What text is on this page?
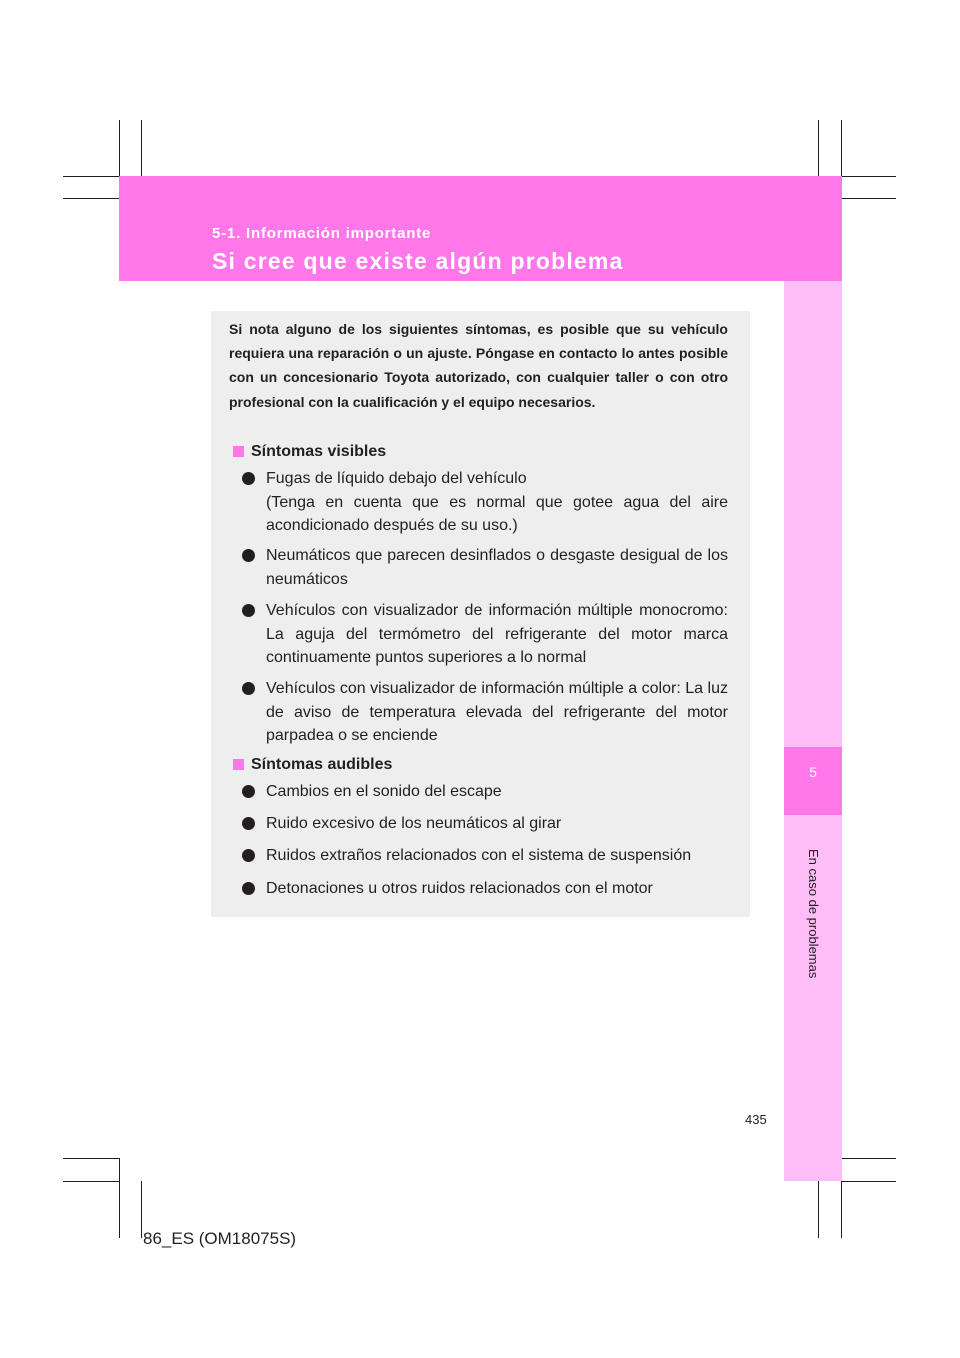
5-1. Información importante
Si cree que existe algún problema
5
En caso de problemas
Si nota alguno de los siguientes síntomas, es posible que su vehículo requiera una reparación o un ajuste. Póngase en contacto lo antes posible con un concesionario Toyota autorizado, con cualquier taller o con otro profesional con la cualificación y el equipo necesarios.
Síntomas visibles
Fugas de líquido debajo del vehículo
(Tenga en cuenta que es normal que gotee agua del aire acondicionado después de su uso.)
Neumáticos que parecen desinflados o desgaste desigual de los neumáticos
Vehículos con visualizador de información múltiple monocromo: La aguja del termómetro del refrigerante del motor marca continuamente puntos superiores a lo normal
Vehículos con visualizador de información múltiple a color: La luz de aviso de temperatura elevada del refrigerante del motor parpadea o se enciende
Síntomas audibles
Cambios en el sonido del escape
Ruido excesivo de los neumáticos al girar
Ruidos extraños relacionados con el sistema de suspensión
Detonaciones u otros ruidos relacionados con el motor
435
86_ES (OM18075S)
